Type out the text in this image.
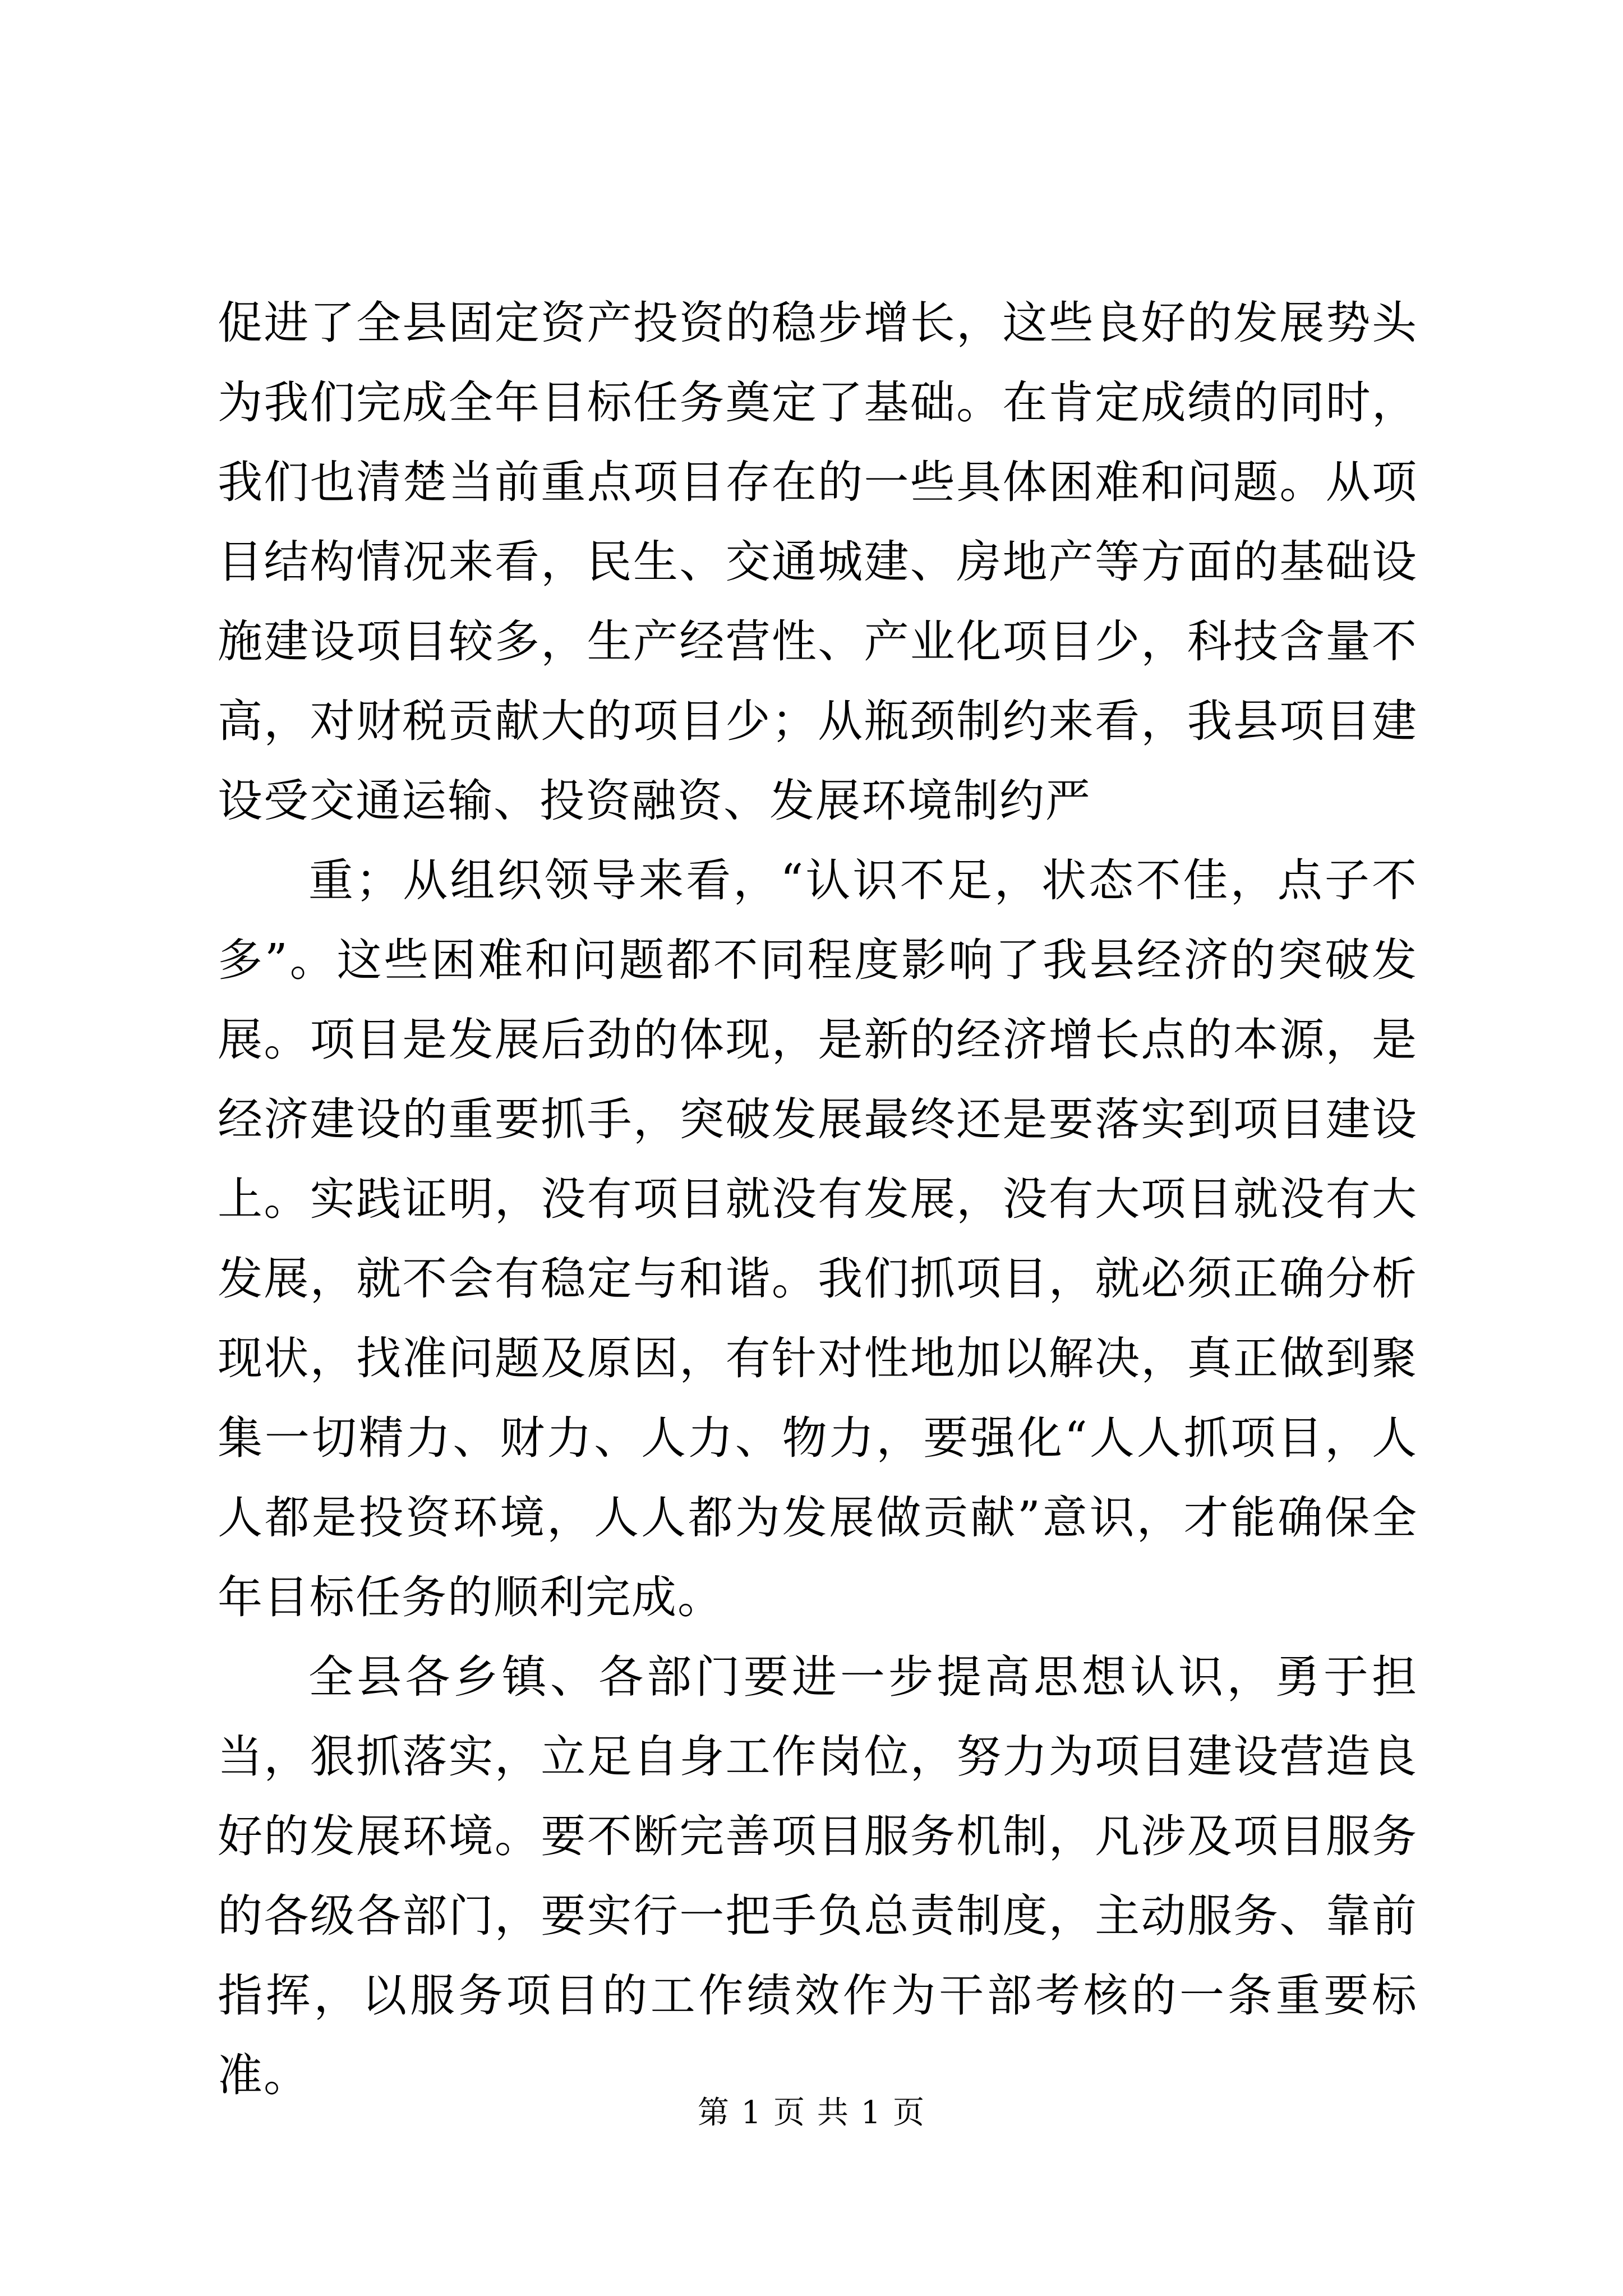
促进了全县固定资产投资的稳步增长，这些良好的发展势头为我们完成全年目标任务奠定了基础。在肯定成绩的同时，我们也清楚当前重点项目存在的一些具体困难和问题。从项目结构情况来看，民生、交通城建、房地产等方面的基础设施建设项目较多，生产经营性、产业化项目少，科技含量不高，对财税贡献大的项目少；从瓶颈制约来看，我县项目建设受交通运输、投资融资、发展环境制约严

重；从组织领导来看，“认识不足，状态不佳，点子不多”。这些困难和问题都不同程度影响了我县经济的突破发展。项目是发展后劲的体现，是新的经济增长点的本源，是经济建设的重要抓手，突破发展最终还是要落实到项目建设上。实践证明，没有项目就没有发展，没有大项目就没有大发展，就不会有稳定与和谐。我们抓项目，就必须正确分析现状，找准问题及原因，有针对性地加以解决，真正做到聚集一切精力、财力、人力、物力，要强化“人人抓项目，人人都是投资环境，人人都为发展做贡献”意识，才能确保全年目标任务的顺利完成。

全县各乡镇、各部门要进一步提高思想认识，勇于担当，狠抓落实，立足自身工作岗位，努力为项目建设营造良好的发展环境。要不断完善项目服务机制，凡涉及项目服务的各级各部门，要实行一把手负总责制度，主动服务、靠前指挥，以服务项目的工作绩效作为干部考核的一条重要标准。

第 1 页 共 1 页
